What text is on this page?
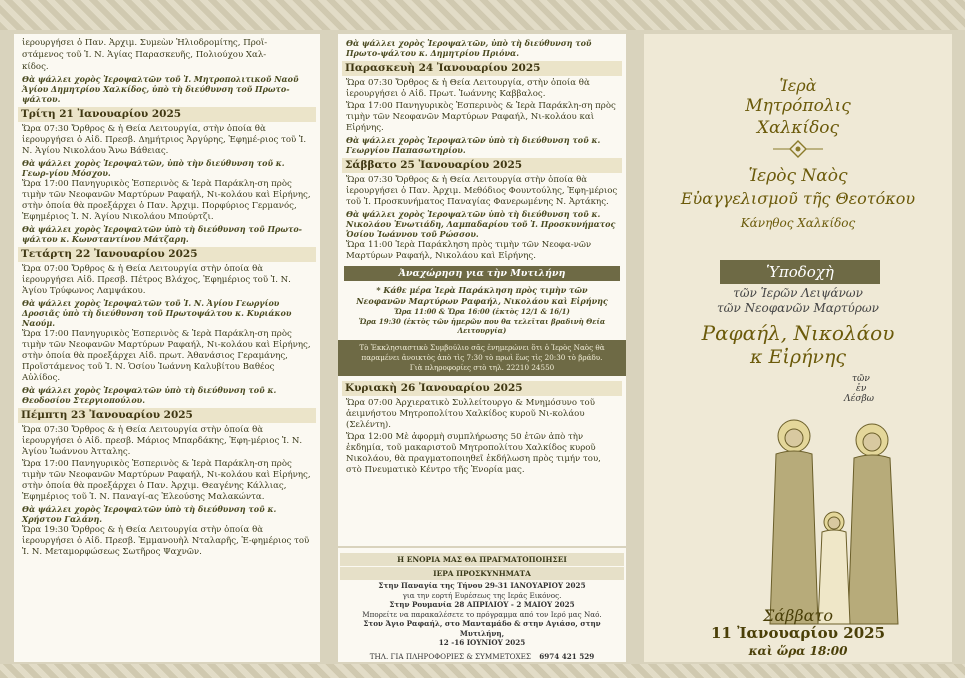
ἱερουργήσει ὁ Παν. Ἀρχιμ. Συμεὼν Ἠλιοδρομίτης, Προϊ-

στάμενος τοῦ Ἱ. Ν. Ἁγίας Παρασκευῆς, Πολιούχου Χαλ-

κίδος.

Θὰ ψάλλει χορὸς Ἱεροψαλτῶν τοῦ Ἱ. Μητροπολιτικοῦ Ναοῦ Ἁγίου Δημητρίου Χαλκίδος, ὑπὸ τὴ διεύθυνση τοῦ Πρωτο-ψάλτου.

Τρίτη 21 Ἰανουαρίου 2025

Ὥρα 07:30 Ὄρθρος & ἡ Θεία Λειτουργία, στὴν ὁποία θὰ ἱερουργήσει ὁ Αἰδ. Πρεσβ. Δημήτριος Ἀργύρης, Ἐφημέ-ριος τοῦ Ἱ. Ν. Ἁγίου Νικολάου Ἄνω Βάθειας.

Θὰ ψάλλει χορὸς Ἱεροψαλτῶν, ὑπὸ τὴν διεύθυνση τοῦ κ. Γεωρ-γίου Μόσχου.

Ὥρα 17:00 Πανηγυρικὸς Ἑσπερινὸς & Ἱερὰ Παράκλη-ση πρὸς τιμὴν τῶν Νεοφανῶν Μαρτύρων Ραφαήλ, Νι-κολάου καὶ Εἰρήνης, στὴν ὁποία θὰ προεξάρχει ὁ Παν. Ἀρχιμ. Πορφύριος Γερμανός, Ἐφημέριος Ἱ. Ν. Ἁγίου Νικολάου Μπούρτζι.

Θὰ ψάλλει χορὸς Ἱεροψαλτῶν ὑπὸ τὴ διεύθυνση τοῦ Πρωτο-ψάλτου κ. Κωνσταντίνου Μάτζαρη.

Τετάρτη 22 Ἰανουαρίου 2025

Ὥρα 07:00 Ὄρθρος & ἡ Θεία Λειτουργία στὴν ὁποία θὰ ἱερουργήσει Αἰδ. Πρεσβ. Πέτρος Βλάχος, Ἐφημέριος τοῦ Ἱ. Ν. Ἁγίου Τρύφωνος Λαμψάκου.

Θὰ ψάλλει χορὸς Ἱεροψαλτῶν τοῦ Ἱ. Ν. Ἁγίου Γεωργίου Δροσιᾶς ὑπὸ τὴ διεύθυνση τοῦ Πρωτοψάλτου κ. Κυριάκου Ναούμ.

Ὥρα 17:00 Πανηγυρικὸς Ἑσπερινὸς & Ἱερὰ Παράκλη-ση πρὸς τιμὴν τῶν Νεοφανῶν Μαρτύρων Ραφαήλ, Νι-κολάου καὶ Εἰρήνης, στὴν ὁποία θὰ προεξάρχει Αἰδ. πρωτ. Ἀθανάσιος Γεραμάνης, Προϊστάμενος τοῦ Ἱ. Ν. Ὁσίου Ἰωάννη Καλυβίτου Βαθέος Αὐλίδος.

Θὰ ψάλλει χορὸς Ἱεροψαλτῶν ὑπὸ τὴ διεύθυνση τοῦ κ. Θεοδοσίου Στεργιοπούλου.

Πέμπτη 23 Ἰανουαρίου 2025

Ὥρα 07:30 Ὄρθρος & ἡ Θεία Λειτουργία στὴν ὁποία θὰ ἱερουργήσει ὁ Αἰδ. πρεσβ. Μάριος Μπαρδάκης, Ἐφη-μέριος Ἱ. Ν. Ἁγίου Ἰωάννου Ἀτταλης.

Ὥρα 17:00 Πανηγυρικὸς Ἑσπερινὸς & Ἱερὰ Παράκλη-ση πρὸς τιμὴν τῶν Νεοφανῶν Μαρτύρων Ραφαήλ, Νι-κολάου καὶ Εἰρήνης, στὴν ὁποία θὰ προεξάρχει ὁ Παν. Ἀρχιμ. Θεαγένης Κάλλιας, Ἐφημέριος τοῦ Ἱ. Ν. Παναγί-ας Ἐλεούσης Μαλακώντα.

Θὰ ψάλλει χορὸς Ἱεροψαλτῶν ὑπὸ τὴ διεύθυνση τοῦ κ. Χρήστου Γαλάνη.

Ὥρα 19:30 Ὄρθρος & ἡ Θεία Λειτουργία στὴν ὁποία θὰ ἱερουργήσει ὁ Αἰδ. Πρεσβ. Ἐμμανουὴλ Νταλαρῆς, Ἐ-φημέριος τοῦ Ἱ. Ν. Μεταμορφώσεως Σωτῆρος Ψαχνῶν.

Θὰ ψάλλει χορὸς Ἱεροψαλτῶν, ὑπὸ τὴ διεύθυνση τοῦ Πρωτο-ψάλτου κ. Δημητρίου Πριόνα.

Παρασκευὴ 24 Ἰανουαρίου 2025

Ὥρα 07:30 Ὄρθρος & ἡ Θεία Λειτουργία, στὴν ὁποία θὰ ἱερουργήσει ὁ Αἰδ. Πρωτ. Ἰωάννης Καββαλος.

Ὥρα 17:00 Πανηγυρικὸς Ἑσπερινὸς & Ἱερὰ Παράκλη-ση πρὸς τιμὴν τῶν Νεοφανῶν Μαρτύρων Ραφαήλ, Νι-κολάου καὶ Εἰρήνης.

Θὰ ψάλλει χορὸς Ἱεροψαλτῶν ὑπὸ τὴ διεύθυνση τοῦ κ. Γεωργίου Παπασωτηρίου.

Σάββατο 25 Ἰανουαρίου 2025

Ὥρα 07:30 Ὄρθρος & ἡ Θεία Λειτουργία στὴν ὁποία θὰ ἱερουργήσει ὁ Παν. Ἀρχιμ. Μεθόδιος Φουντούλης, Ἐφη-μέριος τοῦ Ἱ. Προσκυνήματος Παναγίας Φανερωμένης Ν. Ἀρτάκης.

Θὰ ψάλλει χορὸς Ἱεροψαλτῶν ὑπὸ τὴ διεύθυνση τοῦ κ. Νικολάου Ἐνωτιάδη, Λαμπαδαρίου τοῦ Ἱ. Προσκυνήματος Ὁσίου Ἰωάννου τοῦ Ρώσσου.

Ὥρα 11:00 Ἱερὰ Παράκληση πρὸς τιμὴν τῶν Νεοφα-νῶν Μαρτύρων Ραφαήλ, Νικολάου καὶ Εἰρήνης.

Ἀναχώρηση για τὴν Μυτιλήνη

* Κάθε μέρα Ἱερὰ Παράκληση πρὸς τιμὴν τῶν

Νεοφανῶν Μαρτύρων Ραφαήλ, Νικολάου καὶ Εἰρήνης

Ὥρα 11:00 & Ὥρα 16:00 (ἐκτὸς 12/1 & 16/1)

Ὥρα 19:30 (ἐκτὸς τῶν ἡμερῶν που θα τελεῖται βραδινὴ Θεία Λειτουργία)

Τὸ Ἐκκλησιαστικὸ Συμβούλιο σᾶς ἐνημερώνει ὅτι ὁ Ἱερὸς Ναὸς θὰ
παραμένει ἀνοικτὸς ἀπὸ τὶς 7:30 τὸ πρωὶ ἕως τὶς 20:30 τὸ βράδυ.
Γιὰ πληροφορίες στὸ τηλ. 22210 24550
Κυριακὴ 26 Ἰανουαρίου 2025

Ὥρα 07:00 Ἀρχιερατικὸ Συλλείτουργο & Μνημόσυνο τοῦ ἀειμνήστου Μητροπολίτου Χαλκίδος κυροῦ Νι-κολάου (Σελέντη).

Ὥρα 12:00 Μὲ ἀφορμὴ συμπλήρωσης 50 ἐτῶν ἀπὸ τὴν ἐκδημία, τοῦ μακαριστοῦ Μητροπολίτου Χαλκίδος κυροῦ Νικολάου, θὰ πραγματοποιηθεῖ ἐκδήλωση πρὸς τιμήν του, στὸ Πνευματικὸ Κέντρο τῆς Ἐνορία μας.

Η ΕΝΟΡΙΑ ΜΑΣ ΘΑ ΠΡΑΓΜΑΤΟΠΟΙΗΣΕΙ
ΙΕΡΑ ΠΡΟΣΚΥΝΗΜΑΤΑ
Στην Παναγία της Τήνου 29-31 ΙΑΝΟΥΑΡΙΟΥ 2025
για την εορτή Ευρέσεως της Ιεράς Εικόνος.
Στην Ρουμανία 28 ΑΠΡΙΛΙΟΥ - 2 ΜΑΙΟΥ 2025
Μπορείτε να παρακαλέσετε το πρόγραμμα από τον Ιερό μας Ναό.
Στον Άγιο Ραφαήλ, στο Μανταμάδο & στην Αγιάσο, στην Μυτιλήνη,
12 -16 ΙΟΥΝΙΟΥ 2025
ΤΗΛ. ΓΙΑ ΠΛΗΡΟΦΟΡΙΕΣ & ΣΥΜΜΕΤΟΧΕΣ 6974 421 529
Ἱερὰ
Μητρόπολις
Χαλκίδος
Ἱερὸς Ναὸς
Εὐαγγελισμοῦ τῆς Θεοτόκου
Κάνηθος Χαλκίδος
Ὑποδοχὴ
τῶν Ἱερῶν Λειψάνων
τῶν Νεοφανῶν Μαρτύρων
Ραφαήλ, Νικολάου
κ Εἰρήνης
τῶν
ἐν
Λέσβω
Σάββατο
11 Ἰανουαρίου 2025
καὶ ὥρα 18:00
